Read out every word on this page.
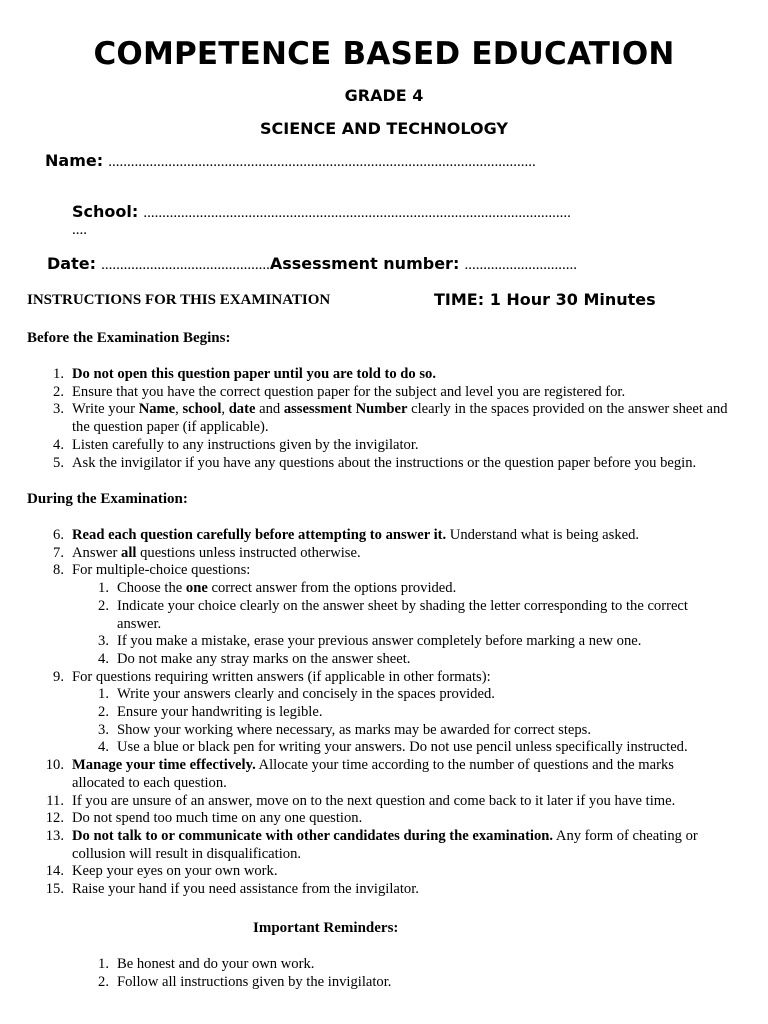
COMPETENCE BASED EDUCATION
GRADE 4
SCIENCE AND TECHNOLOGY
Name: ..................................................................................................................
School: ..................................................................................................................
....
Date: .............................................Assessment number: ..............................
INSTRUCTIONS FOR THIS EXAMINATION	TIME: 1 Hour 30 Minutes
Before the Examination Begins:
1. Do not open this question paper until you are told to do so.
2. Ensure that you have the correct question paper for the subject and level you are registered for.
3. Write your Name, school, date and assessment Number clearly in the spaces provided on the answer sheet and the question paper (if applicable).
4. Listen carefully to any instructions given by the invigilator.
5. Ask the invigilator if you have any questions about the instructions or the question paper before you begin.
During the Examination:
6. Read each question carefully before attempting to answer it. Understand what is being asked.
7. Answer all questions unless instructed otherwise.
8. For multiple-choice questions:
1. Choose the one correct answer from the options provided.
2. Indicate your choice clearly on the answer sheet by shading the letter corresponding to the correct answer.
3. If you make a mistake, erase your previous answer completely before marking a new one.
4. Do not make any stray marks on the answer sheet.
9. For questions requiring written answers (if applicable in other formats):
1. Write your answers clearly and concisely in the spaces provided.
2. Ensure your handwriting is legible.
3. Show your working where necessary, as marks may be awarded for correct steps.
4. Use a blue or black pen for writing your answers. Do not use pencil unless specifically instructed.
10. Manage your time effectively. Allocate your time according to the number of questions and the marks allocated to each question.
11. If you are unsure of an answer, move on to the next question and come back to it later if you have time.
12. Do not spend too much time on any one question.
13. Do not talk to or communicate with other candidates during the examination. Any form of cheating or collusion will result in disqualification.
14. Keep your eyes on your own work.
15. Raise your hand if you need assistance from the invigilator.
Important Reminders:
1. Be honest and do your own work.
2. Follow all instructions given by the invigilator.
